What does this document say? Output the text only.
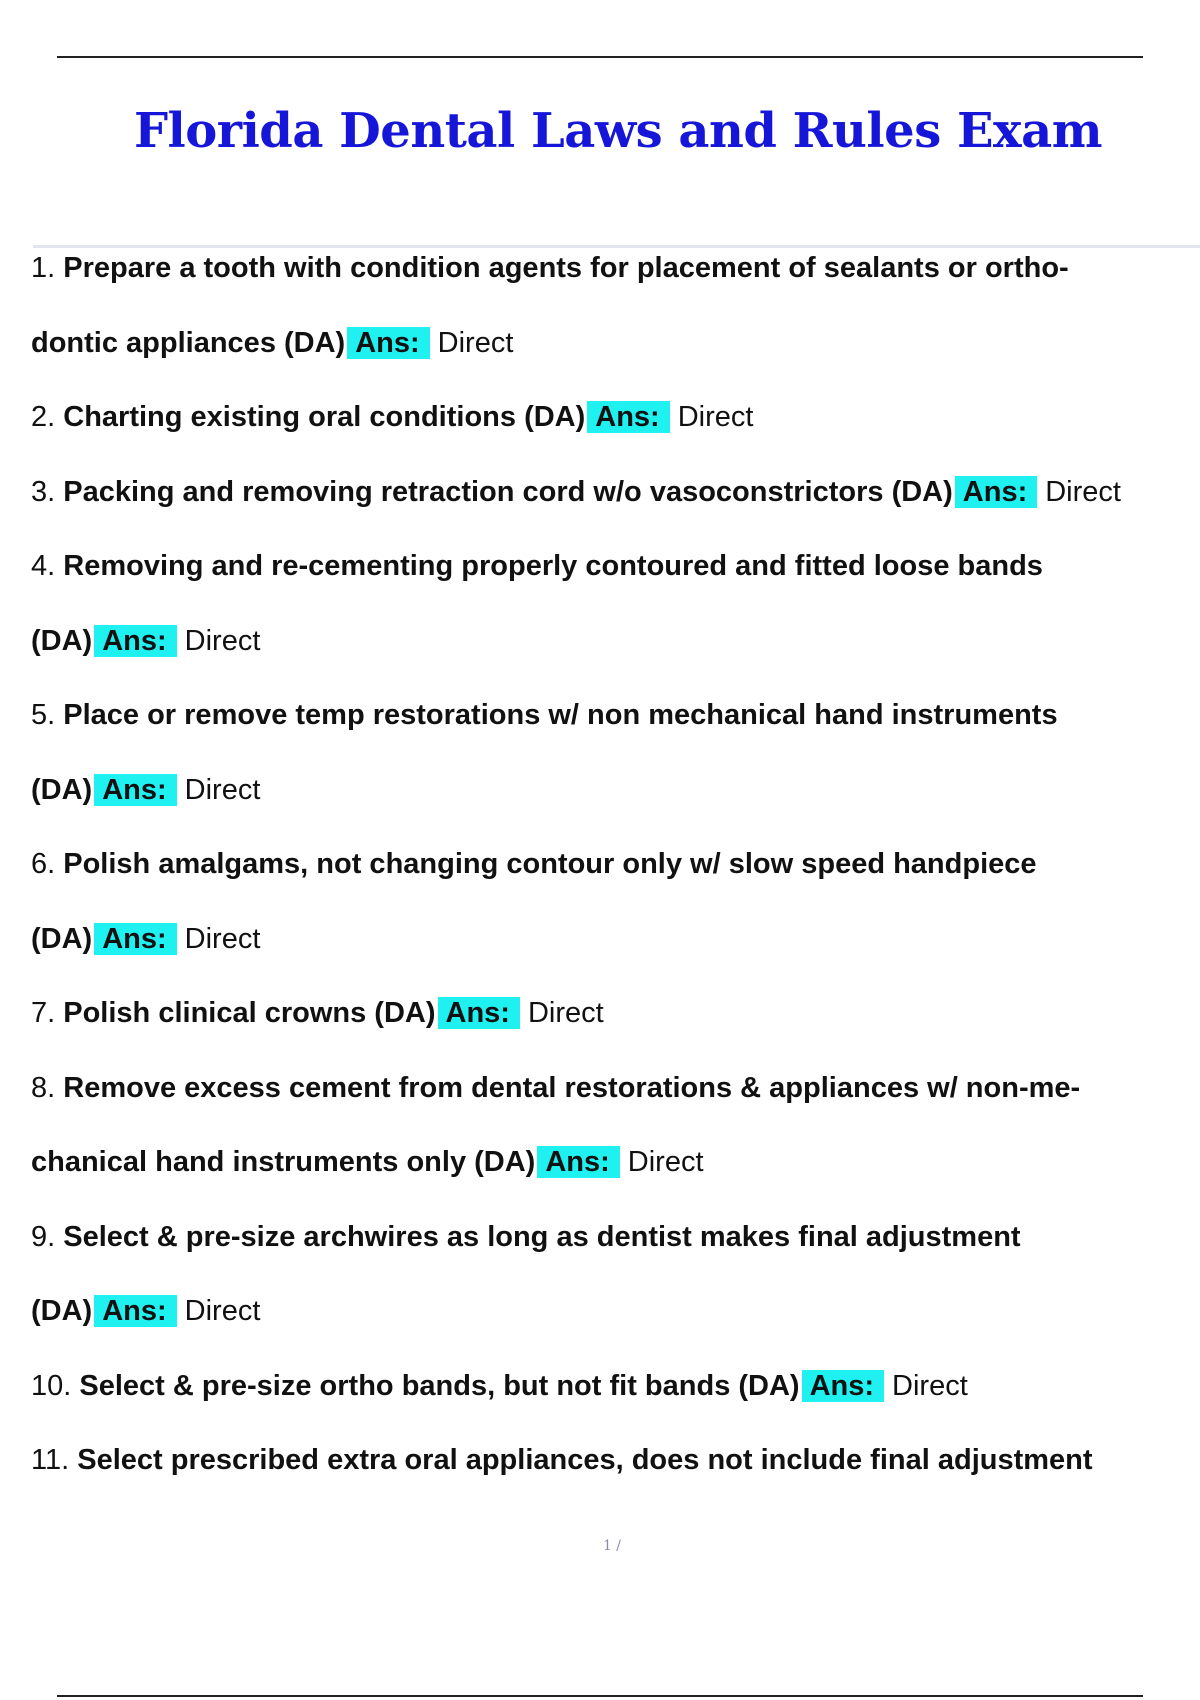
Florida Dental Laws and Rules Exam
1. Prepare a tooth with condition agents for placement of sealants or ortho-
dontic appliances (DA) Ans: Direct
2. Charting existing oral conditions (DA) Ans: Direct
3. Packing and removing retraction cord w/o vasoconstrictors (DA) Ans: Direct
4. Removing and re-cementing properly contoured and fitted loose bands
(DA) Ans: Direct
5. Place or remove temp restorations w/ non mechanical hand instruments
(DA) Ans: Direct
6. Polish amalgams, not changing contour only w/ slow speed handpiece
(DA) Ans: Direct
7. Polish clinical crowns (DA) Ans: Direct
8. Remove excess cement from dental restorations & appliances w/ non-me-
chanical hand instruments only (DA) Ans: Direct
9. Select & pre-size archwires as long as dentist makes final adjustment
(DA) Ans: Direct
10. Select & pre-size ortho bands, but not fit bands (DA) Ans: Direct
11. Select prescribed extra oral appliances, does not include final adjustment
1 /
